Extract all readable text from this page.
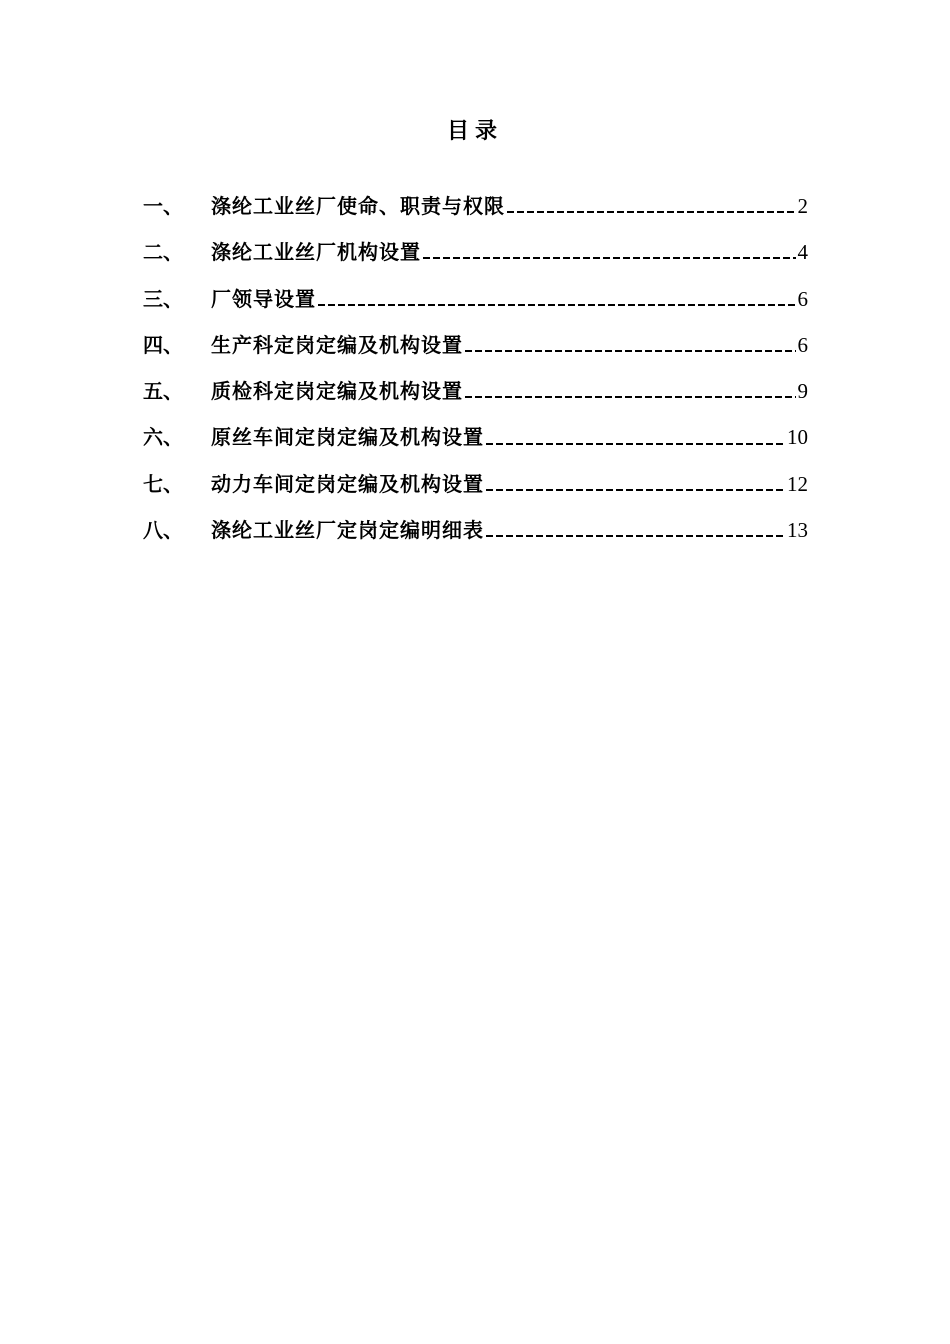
目录
一、	涤纶工业丝厂使命、职责与权限	2
二、	涤纶工业丝厂机构设置	4
三、	厂领导设置	6
四、	生产科定岗定编及机构设置	6
五、	质检科定岗定编及机构设置	9
六、	原丝车间定岗定编及机构设置	10
七、	动力车间定岗定编及机构设置	12
八、	涤纶工业丝厂定岗定编明细表	13
